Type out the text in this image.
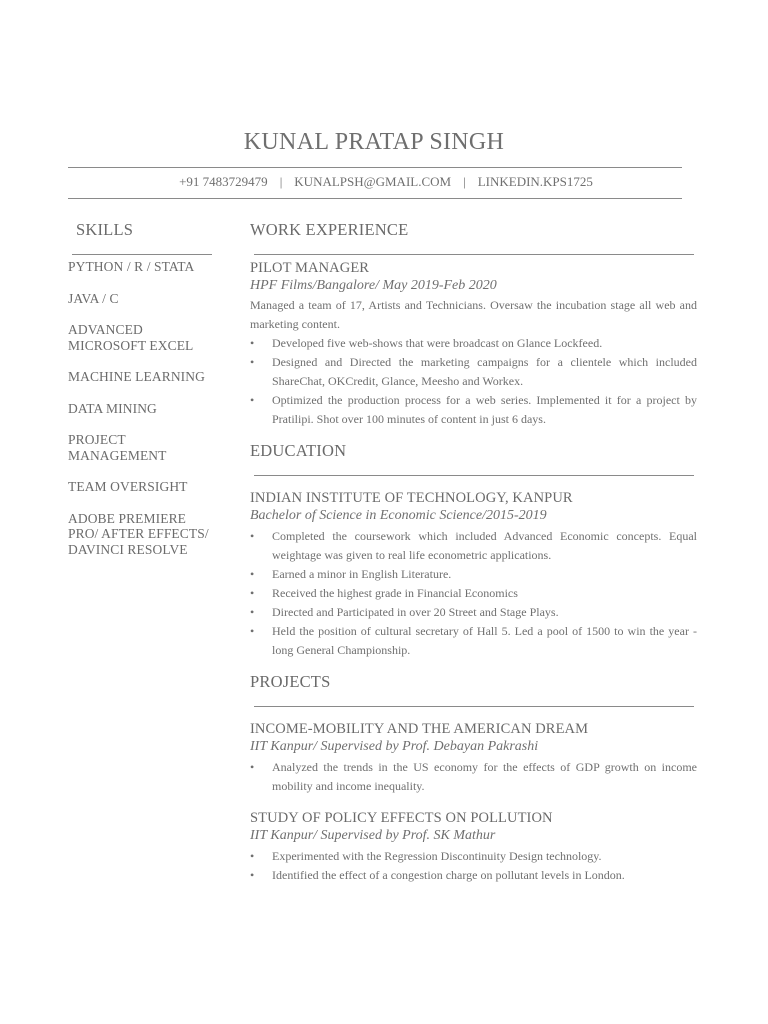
KUNAL PRATAP SINGH
+91 7483729479 | KUNALPSH@GMAIL.COM | LINKEDIN.KPS1725
SKILLS
PYTHON / R / STATA
JAVA / C
ADVANCED MICROSOFT EXCEL
MACHINE LEARNING
DATA MINING
PROJECT MANAGEMENT
TEAM OVERSIGHT
ADOBE PREMIERE PRO/ AFTER EFFECTS/ DAVINCI RESOLVE
WORK EXPERIENCE
PILOT MANAGER

HPF Films/Bangalore/ May 2019-Feb 2020

Managed a team of 17, Artists and Technicians. Oversaw the incubation stage all web and marketing content.

• Developed five web-shows that were broadcast on Glance Lockfeed.
• Designed and Directed the marketing campaigns for a clientele which included ShareChat, OKCredit, Glance, Meesho and Workex.
• Optimized the production process for a web series. Implemented it for a project by Pratilipi. Shot over 100 minutes of content in just 6 days.
EDUCATION
INDIAN INSTITUTE OF TECHNOLOGY, KANPUR

Bachelor of Science in Economic Science/2015-2019

• Completed the coursework which included Advanced Economic concepts. Equal weightage was given to real life econometric applications.
• Earned a minor in English Literature.
• Received the highest grade in Financial Economics
• Directed and Participated in over 20 Street and Stage Plays.
• Held the position of cultural secretary of Hall 5. Led a pool of 1500 to win the year - long General Championship.
PROJECTS
INCOME-MOBILITY AND THE AMERICAN DREAM

IIT Kanpur/ Supervised by Prof. Debayan Pakrashi

• Analyzed the trends in the US economy for the effects of GDP growth on income mobility and income inequality.
STUDY OF POLICY EFFECTS ON POLLUTION

IIT Kanpur/ Supervised by Prof. SK Mathur

• Experimented with the Regression Discontinuity Design technology.
• Identified the effect of a congestion charge on pollutant levels in London.
